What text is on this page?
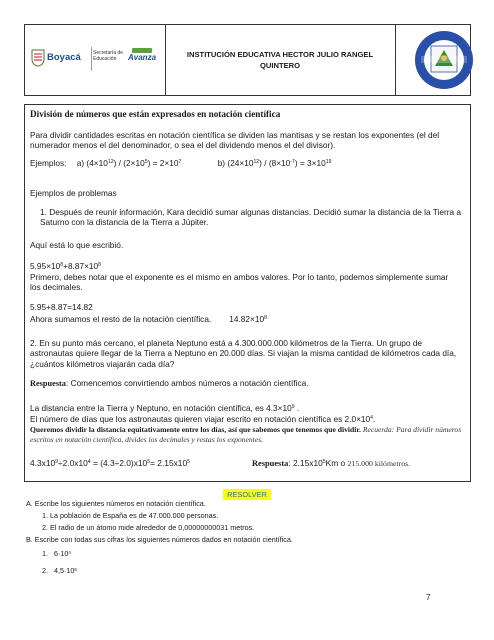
Boyacá Secretaría de Educación	Avanza	INSTITUCIÓN EDUCATIVA HECTOR JULIO RANGEL
QUINTERO
División de números que están expresados en notación científica
Para dividir cantidades escritas en notación científica se dividen las mantisas y se restan los exponentes (el del numerador menos el del denominador, o sea el del dividendo menos el del divisor).
Ejemplos: a) $(4\times 10^{12}) / (2\times 10^5) = 2\times 10^7$	b) $(24\times 10^{12}) / (8\times 10^{-7}) = 3\times 10^{19}$
Ejemplos de problemas
1. Después de reunir información, Kara decidió sumar algunas distancias. Decidió sumar la distancia de la Tierra a Saturno con la distancia de la Tierra a Júpiter.
Aquí está lo que escribió.
$5.95\times 10^8+8.87\times 10^8$
Primero, debes notar que el exponente es el mismo en ambos valores. Por lo tanto, podemos simplemente sumar los decimales.
5.95+8.87=14.82
Ahora sumamos el resto de la notación científica. $14.82\times 10^8$
2. En su punto más cercano, el planeta Neptuno está a 4.300.000.000 kilómetros de la Tierra. Un grupo de astronautas quiere llegar de la Tierra a Neptuno en 20.000 días. Si viajan la misma cantidad de kilómetros cada día, ¿cuántos kilómetros viajarán cada día?
Respuesta: Comencemos convirtiendo ambos números a notación científica.
La distancia entre la Tierra y Neptuno, en notación científica, es $4.3\times 10^9$ .
El número de días que los astronautas quieren viajar escrito en notación científica es $2.0\times 10^4$.
Queremos dividir la distancia equitativamente entre los días, así que sabemos que tenemos que dividir. Recuerda: Para dividir números escritos en notación científica, divides los decimales y restas los exponentes.
$4.3x10^9\div 2.0x10^4 = (4.3\div 2.0)x10^5= 2.15x10^5$	Respuesta: $2.15x10^5Km$ o 215.000 kilómetros.
RESOLVER
A. Escribe los siguientes números en notación científica.
1. La población de España es de 47.000.000 personas.
2. El radio de un átomo mide alrededor de 0,00000000031 metros.
B. Escribe con todas sus cifras los siguientes números dados en notación científica.
1. $6\cdot 10^4$
2. $4,5\cdot 10^6$
7
